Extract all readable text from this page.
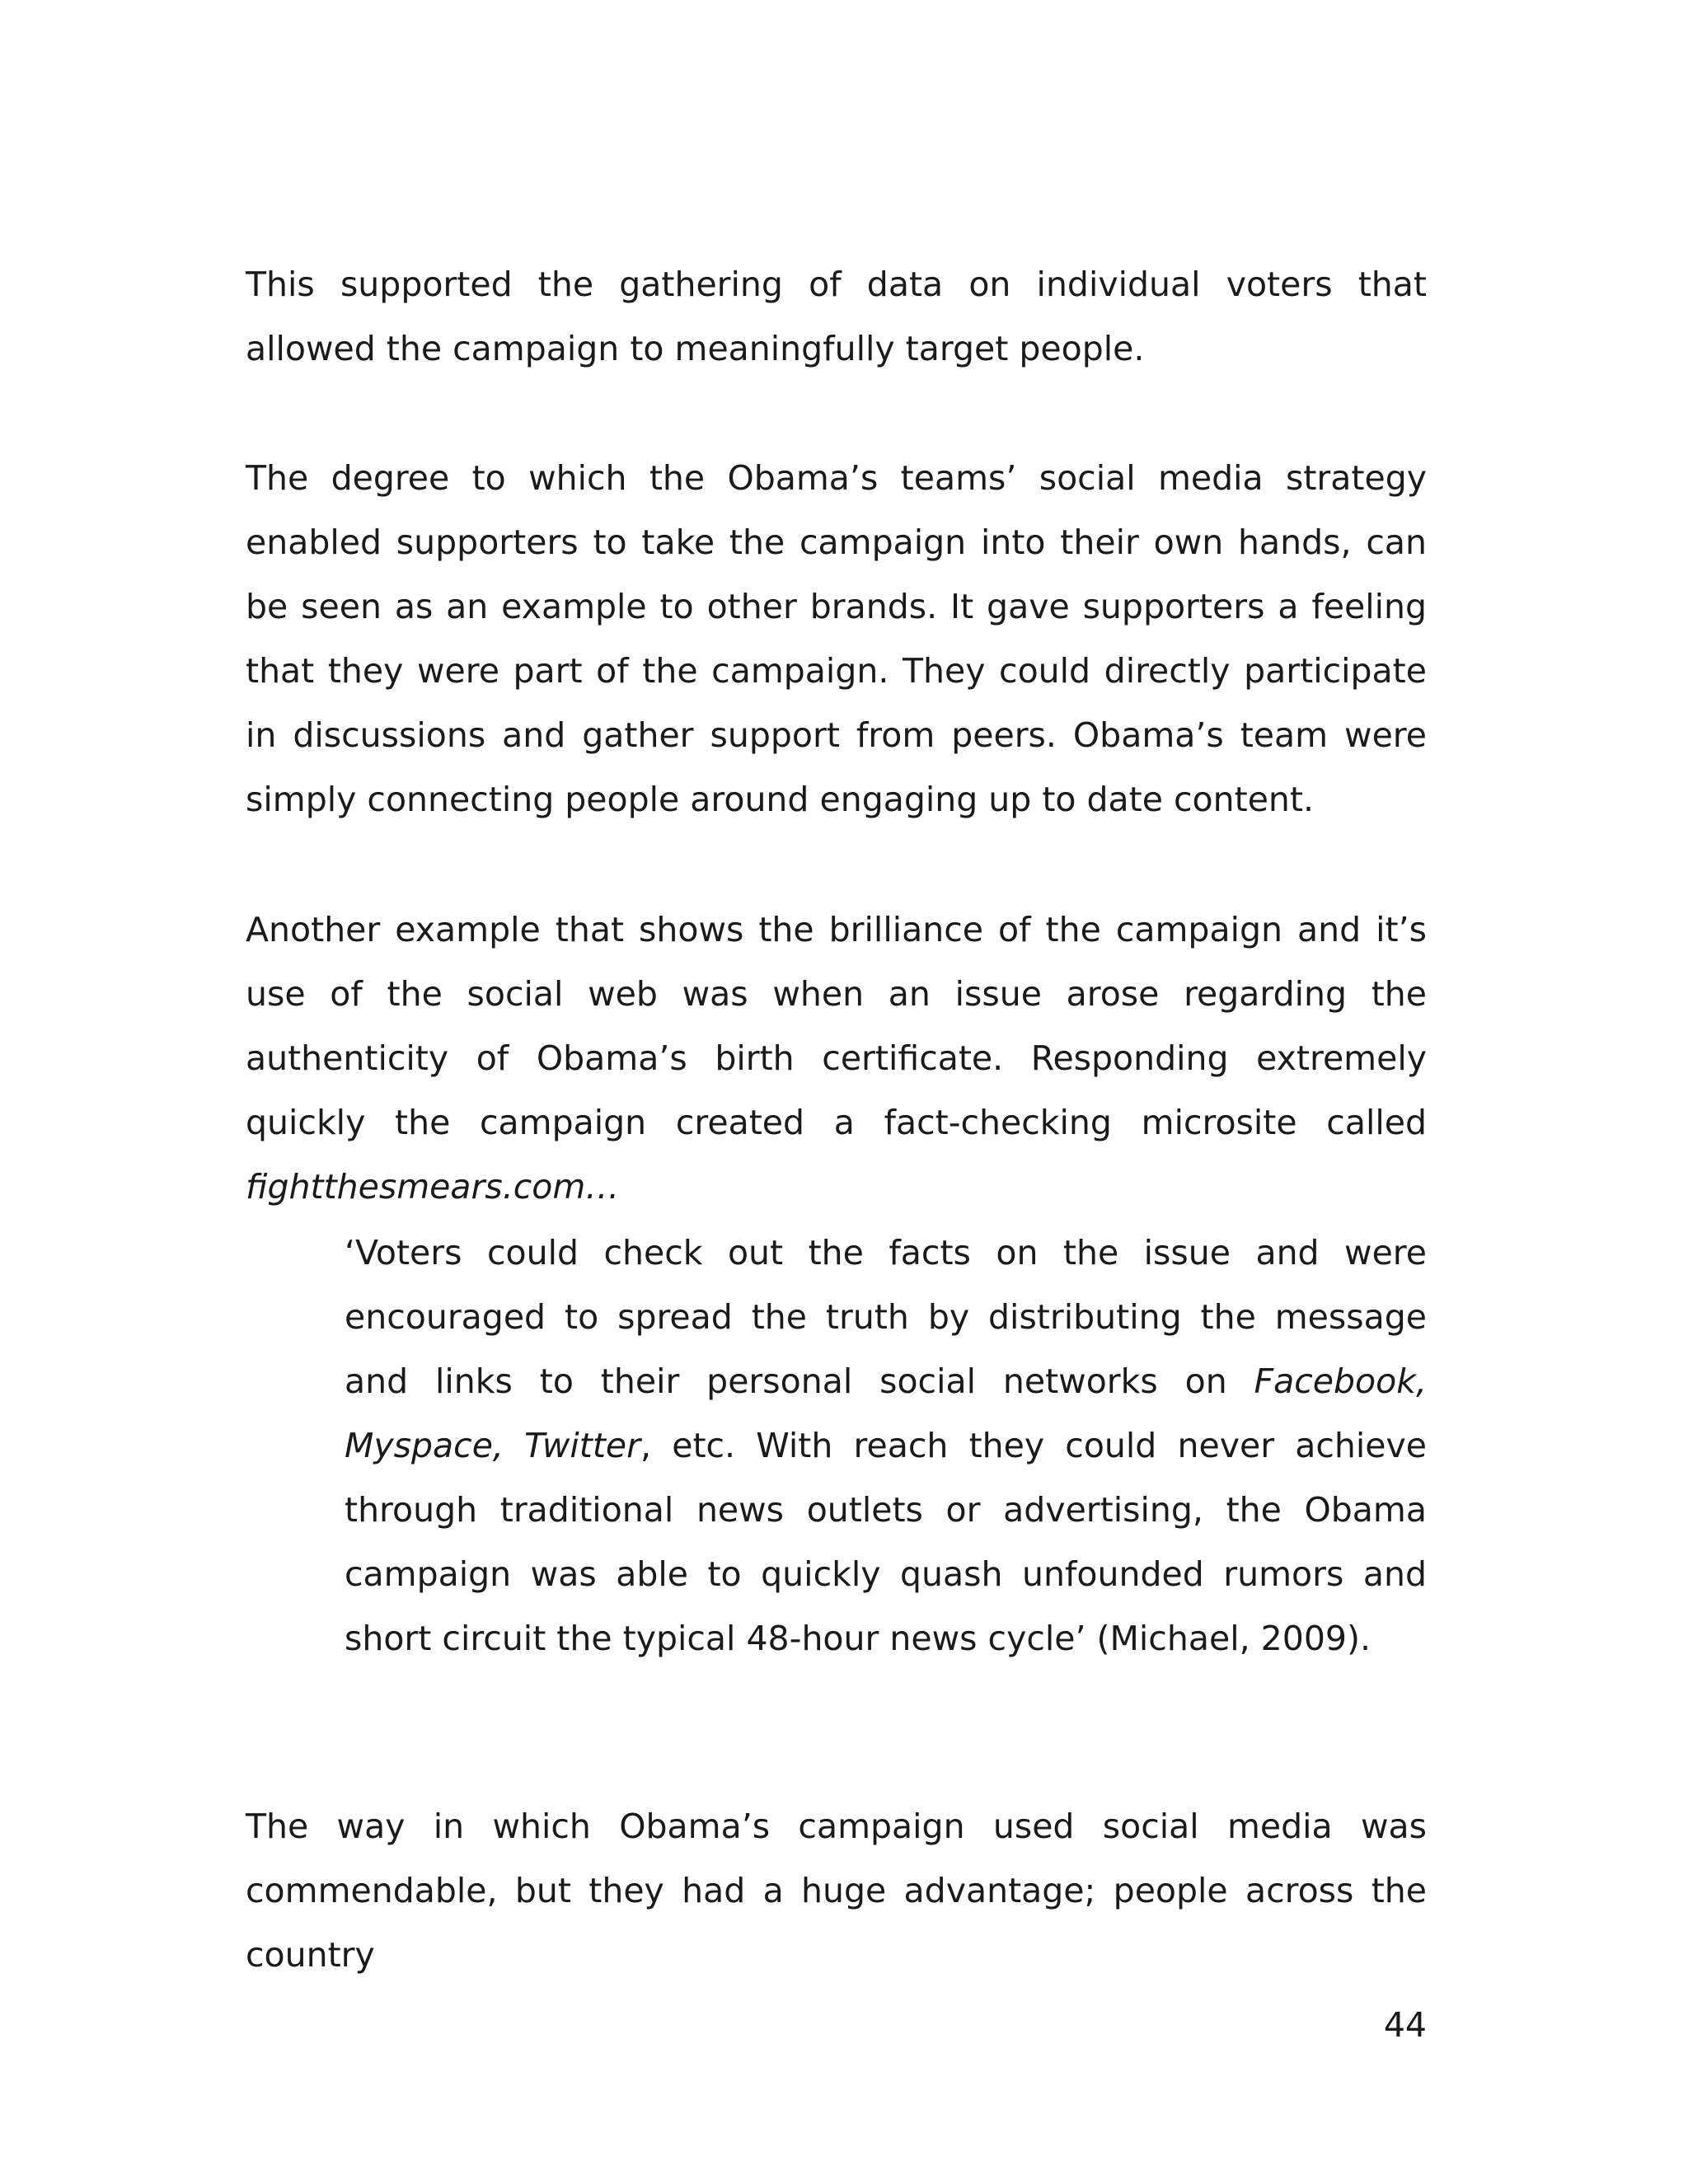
This supported the gathering of data on individual voters that allowed the campaign to meaningfully target people.

The degree to which the Obama’s teams’ social media strategy enabled supporters to take the campaign into their own hands, can be seen as an example to other brands. It gave supporters a feeling that they were part of the campaign. They could directly participate in discussions and gather support from peers. Obama’s team were simply connecting people around engaging up to date content.

Another example that shows the brilliance of the campaign and it’s use of the social web was when an issue arose regarding the authenticity of Obama’s birth certificate. Responding extremely quickly the campaign created a fact-checking microsite called fightthesmears.com…

‘Voters could check out the facts on the issue and were encouraged to spread the truth by distributing the message and links to their personal social networks on Facebook, Myspace, Twitter, etc. With reach they could never achieve through traditional news outlets or advertising, the Obama campaign was able to quickly quash unfounded rumors and short circuit the typical 48-hour news cycle’ (Michael, 2009).

The way in which Obama’s campaign used social media was commendable, but they had a huge advantage; people across the country

44
